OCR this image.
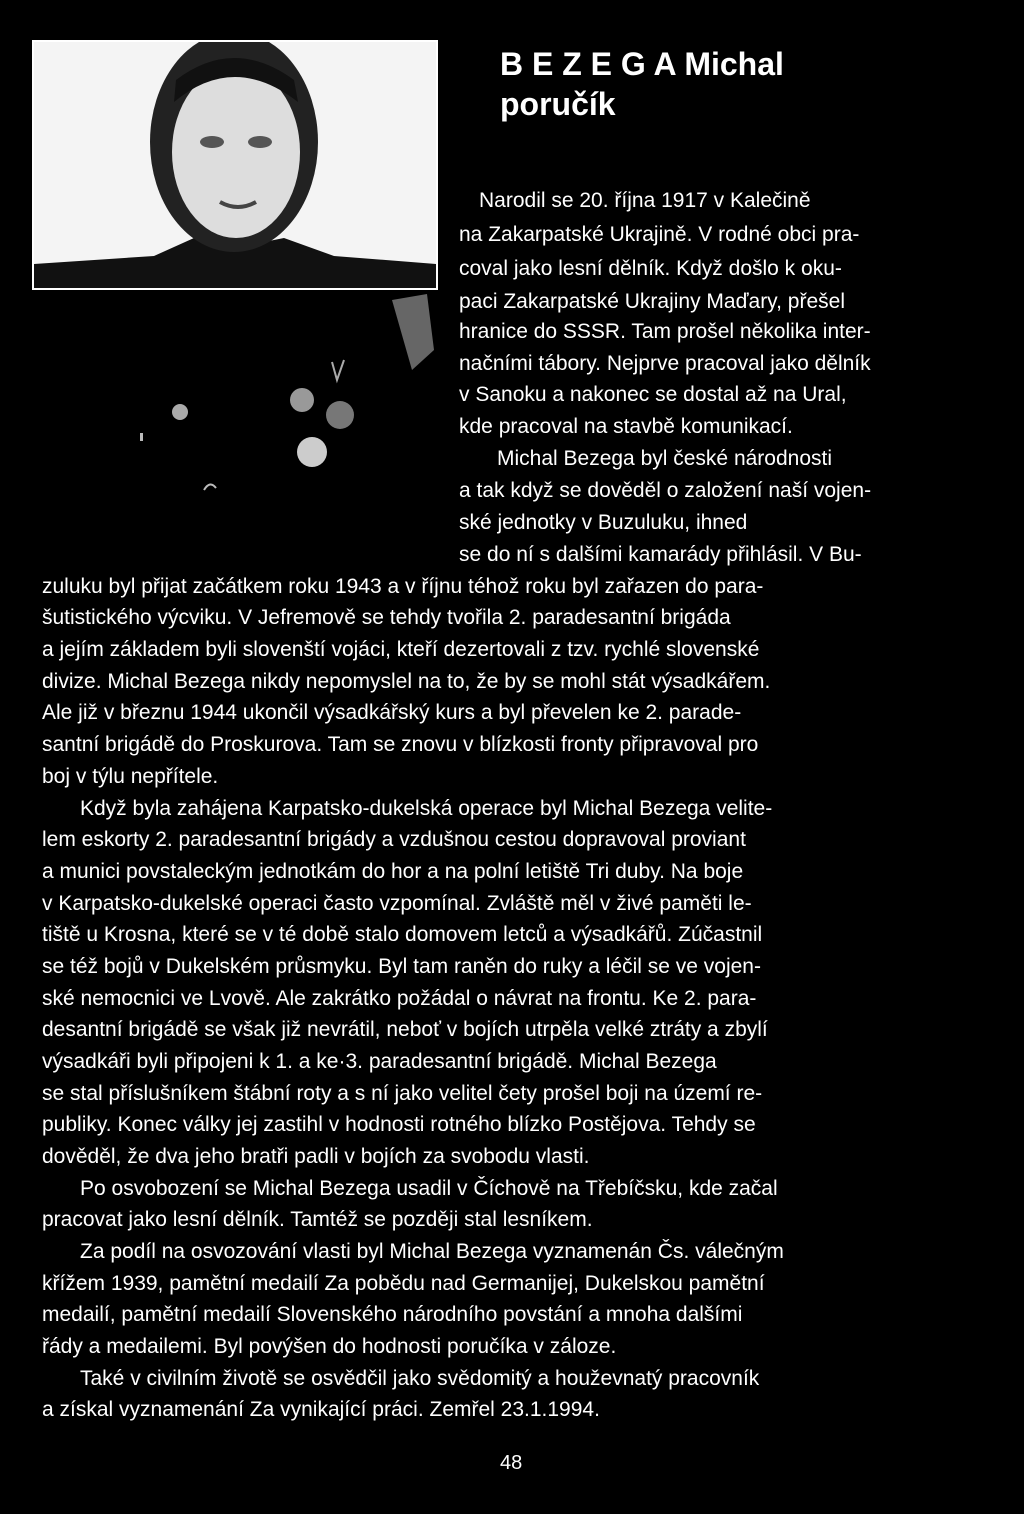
B E Z E G A Michal
poručík
Narodil se 20. října 1917 v Kalečině
na Zakarpatské Ukrajině. V rodné obci pra-
coval jako lesní dělník. Když došlo k oku-
paci Zakarpatské Ukrajiny Maďary, přešel
hranice do SSSR. Tam prošel několika inter-
načními tábory. Nejprve pracoval jako dělník
v Sanoku a nakonec se dostal až na Ural,
kde pracoval na stavbě komunikací.
Michal Bezega byl české národnosti
a tak když se dověděl o založení naší vojen-
ské jednotky v Buzuluku, ihned
se do ní s dalšími kamarády přihlásil. V Bu-
zuluku byl přijat začátkem roku 1943 a v říjnu téhož roku byl zařazen do para-
šutistického výcviku. V Jefremově se tehdy tvořila 2. paradesantní brigáda
a jejím základem byli slovenští vojáci, kteří dezertovali z tzv. rychlé slovenské
divize. Michal Bezega nikdy nepomyslel na to, že by se mohl stát výsadkářem.
Ale již v březnu 1944 ukončil výsadkářský kurs a byl převelen ke 2. parade-
santní brigádě do Proskurova. Tam se znovu v blízkosti fronty připravoval pro
boj v týlu nepřítele.
Když byla zahájena Karpatsko-dukelská operace byl Michal Bezega velite-
lem eskorty 2. paradesantní brigády a vzdušnou cestou dopravoval proviant
a munici povstaleckým jednotkám do hor a na polní letiště Tri duby. Na boje
v Karpatsko-dukelské operaci často vzpomínal. Zvláště měl v živé paměti le-
tiště u Krosna, které se v té době stalo domovem letců a výsadkářů. Zúčastnil
se též bojů v Dukelském průsmyku. Byl tam raněn do ruky a léčil se ve vojen-
ské nemocnici ve Lvově. Ale zakrátko požádal o návrat na frontu. Ke 2. para-
desantní brigádě se však již nevrátil, neboť v bojích utrpěla velké ztráty a zbylí
výsadkáři byli připojeni k 1. a ke·3. paradesantní brigádě. Michal Bezega
se stal příslušníkem štábní roty a s ní jako velitel čety prošel boji na území re-
publiky. Konec války jej zastihl v hodnosti rotného blízko Postějova. Tehdy se
dověděl, že dva jeho bratři padli v bojích za svobodu vlasti.
Po osvobození se Michal Bezega usadil v Číchově na Třebíčsku, kde začal
pracovat jako lesní dělník. Tamtéž se později stal lesníkem.
Za podíl na osvozování vlasti byl Michal Bezega vyznamenán Čs. válečným
křížem 1939, pamětní medailí Za pobědu nad Germanijej, Dukelskou pamětní
medailí, pamětní medailí Slovenského národního povstání a mnoha dalšími
řády a medailemi. Byl povýšen do hodnosti poručíka v záloze.
Také v civilním životě se osvědčil jako svědomitý a houževnatý pracovník
a získal vyznamenání Za vynikající práci. Zemřel 23.1.1994.
48
